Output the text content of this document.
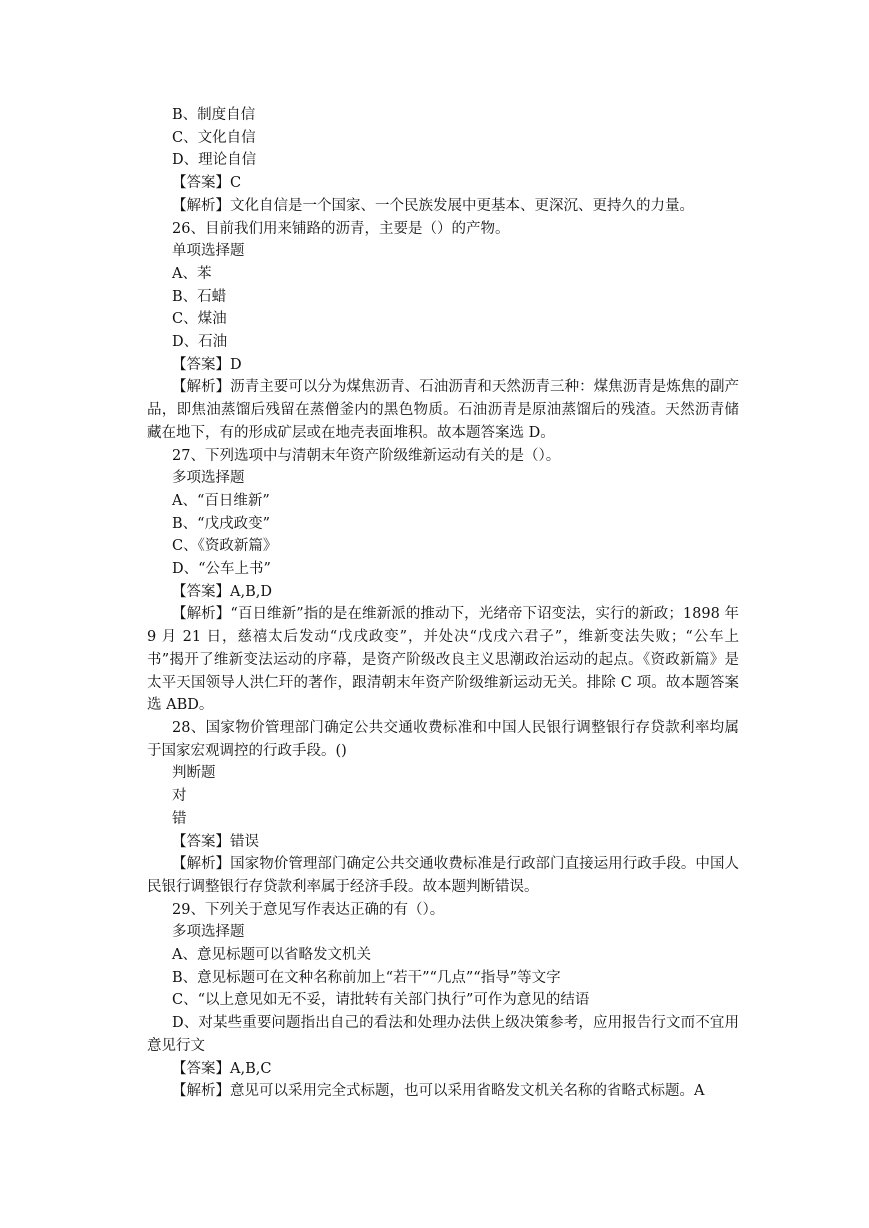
B、制度自信

C、文化自信

D、理论自信

【答案】C

【解析】文化自信是一个国家、一个民族发展中更基本、更深沉、更持久的力量。

26、目前我们用来铺路的沥青，主要是（）的产物。

单项选择题

A、苯

B、石蜡

C、煤油

D、石油

【答案】D

【解析】沥青主要可以分为煤焦沥青、石油沥青和天然沥青三种：煤焦沥青是炼焦的副产品，即焦油蒸馏后残留在蒸僧釜内的黑色物质。石油沥青是原油蒸馏后的残渣。天然沥青储藏在地下，有的形成矿层或在地壳表面堆积。故本题答案选 D。

27、下列选项中与清朝末年资产阶级维新运动有关的是（）。

多项选择题

A、“百日维新”

B、“戊戌政变”

C、《资政新篇》

D、“公车上书”

【答案】A,B,D

【解析】“百日维新”指的是在维新派的推动下，光绪帝下诏变法，实行的新政；1898 年 9 月 21 日，慈禧太后发动“戊戌政变”，并处决“戊戌六君子”，维新变法失败；“公车上书”揭开了维新变法运动的序幕，是资产阶级改良主义思潮政治运动的起点。《资政新篇》是太平天国领导人洪仁玕的著作，跟清朝末年资产阶级维新运动无关。排除 C 项。故本题答案选 ABD。

28、国家物价管理部门确定公共交通收费标准和中国人民银行调整银行存贷款利率均属于国家宏观调控的行政手段。()

判断题

对

错

【答案】错误

【解析】国家物价管理部门确定公共交通收费标准是行政部门直接运用行政手段。中国人民银行调整银行存贷款利率属于经济手段。故本题判断错误。

29、下列关于意见写作表达正确的有（）。

多项选择题

A、意见标题可以省略发文机关

B、意见标题可在文种名称前加上“若干”“几点”“指导”等文字

C、“以上意见如无不妥，请批转有关部门执行”可作为意见的结语

D、对某些重要问题指出自己的看法和处理办法供上级决策参考，应用报告行文而不宜用意见行文

【答案】A,B,C

【解析】意见可以采用完全式标题，也可以采用省略发文机关名称的省略式标题。A
